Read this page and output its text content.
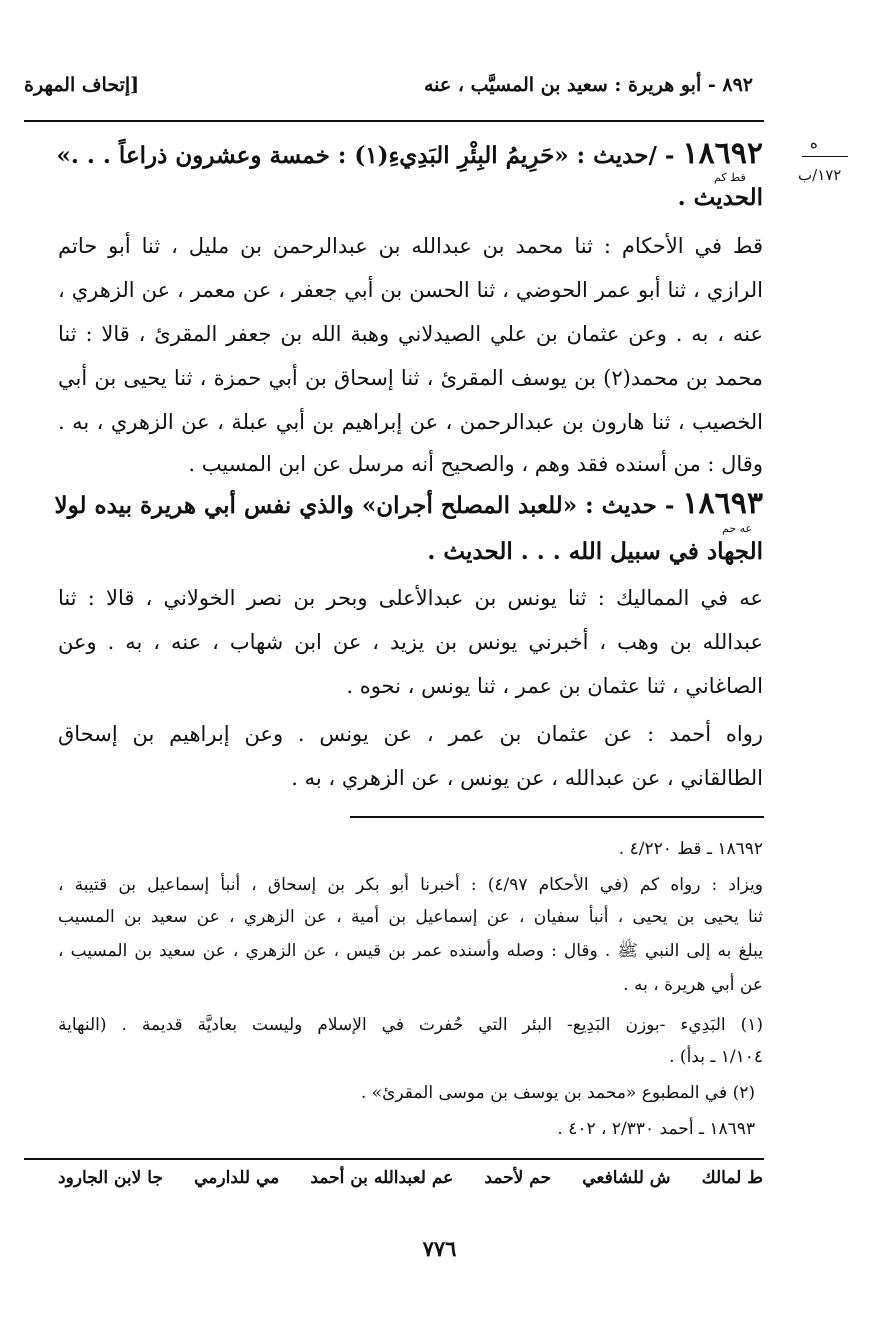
٨٩٢ - أبو هريرة : سعيد بن المسيَّب ، عنه
[إتحاف المهرة
ه
١٧٢/ب
١٨٦٩٢ - /حديث : «حَرِيمُ البِئْرِ البَدِيءِ(١) : خمسة وعشرون ذراعاً . . .»
قط كم
الحديث .
قط في الأحكام : ثنا محمد بن عبدالله بن عبدالرحمن بن مليل ، ثنا أبو حاتم
الرازي ، ثنا أبو عمر الحوضي ، ثنا الحسن بن أبي جعفر ، عن معمر ، عن الزهري ،
عنه ، به . وعن عثمان بن علي الصيدلاني وهبة الله بن جعفر المقرئ ، قالا : ثنا
محمد بن محمد(٢) بن يوسف المقرئ ، ثنا إسحاق بن أبي حمزة ، ثنا يحيى بن أبي
الخصيب ، ثنا هارون بن عبدالرحمن ، عن إبراهيم بن أبي عبلة ، عن الزهري ، به .
وقال : من أسنده فقد وهم ، والصحيح أنه مرسل عن ابن المسيب .
١٨٦٩٣ - حديث : «للعبد المصلح أجران» والذي نفس أبي هريرة بيده لولا
عه حم
الجهاد في سبيل الله . . . الحديث .
عه في المماليك : ثنا يونس بن عبدالأعلى وبحر بن نصر الخولاني ، قالا : ثنا
عبدالله بن وهب ، أخبرني يونس بن يزيد ، عن ابن شهاب ، عنه ، به . وعن
الصاغاني ، ثنا عثمان بن عمر ، ثنا يونس ، نحوه .
رواه أحمد : عن عثمان بن عمر ، عن يونس . وعن إبراهيم بن إسحاق
الطالقاني ، عن عبدالله ، عن يونس ، عن الزهري ، به .
١٨٦٩٢ ـ قط ٤/٢٢٠ .
ويزاد : رواه كم (في الأحكام ٤/٩٧) : أخبرنا أبو بكر بن إسحاق ، أنبأ إسماعيل بن قتيبة ،
ثنا يحيى بن يحيى ، أنبأ سفيان ، عن إسماعيل بن أمية ، عن الزهري ، عن سعيد بن المسيب
يبلغ به إلى النبي ﷺ . وقال : وصله وأسنده عمر بن قيس ، عن الزهري ، عن سعيد بن المسيب ،
عن أبي هريرة ، به .
(١) البَدِيء -بوزن البَدِيع- البئر التي حُفرت في الإسلام وليست بعاديَّة قديمة . (النهاية
١/١٠٤ ـ بدأ) .
(٢) في المطبوع «محمد بن يوسف بن موسى المقرئ» .
١٨٦٩٣ ـ أحمد ٢/٣٣٠ ، ٤٠٢ .
ط لمالك
ش للشافعي
حم لأحمد
عم لعبدالله بن أحمد
مي للدارمي
جا لابن الجارود
٧٧٦
